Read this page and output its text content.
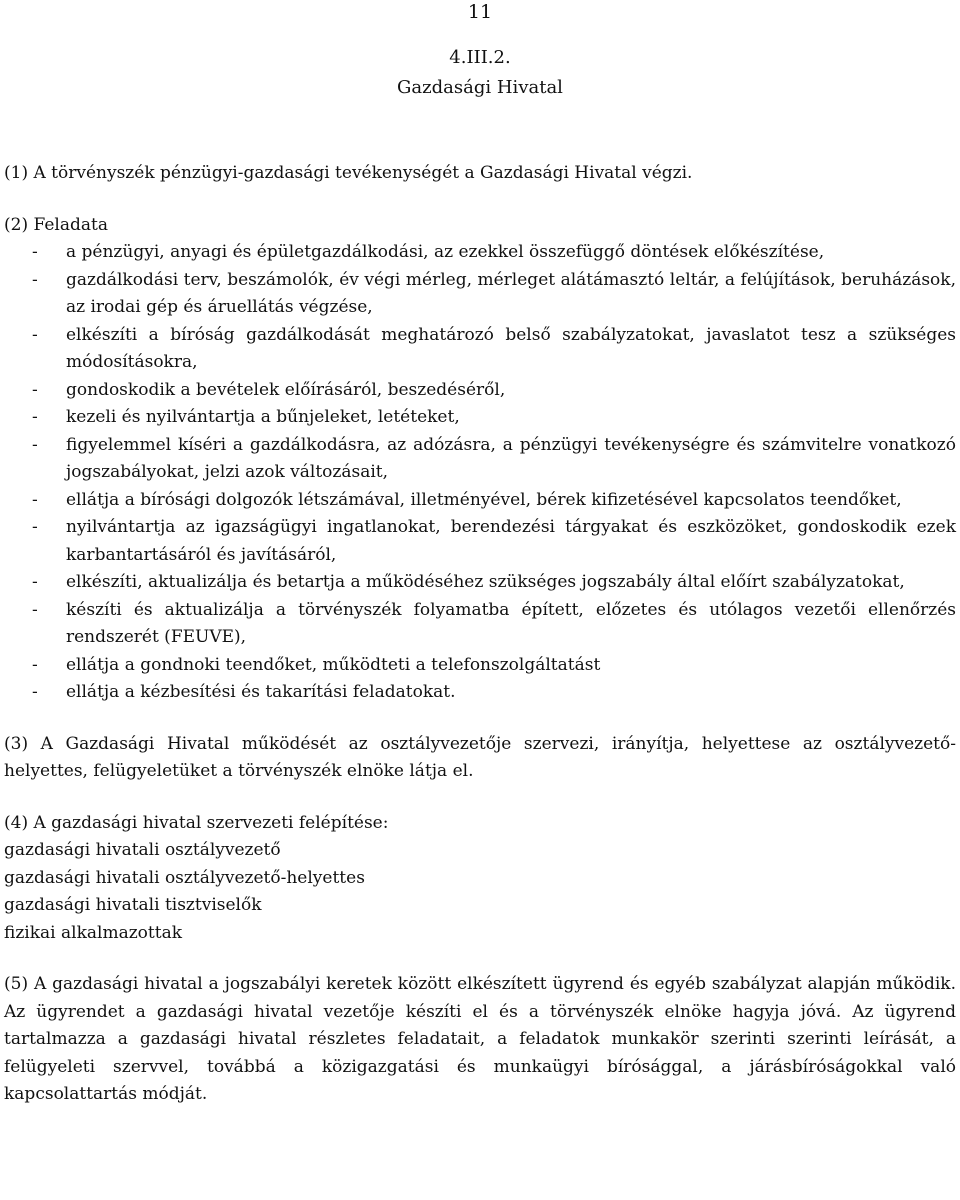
11
4.III.2.
Gazdasági Hivatal

(1) A törvényszék pénzügyi-gazdasági tevékenységét a Gazdasági Hivatal végzi.

(2) Feladata

-	a pénzügyi, anyagi és épületgazdálkodási, az ezekkel összefüggő döntések előkészítése,
-	gazdálkodási terv, beszámolók, év végi mérleg, mérleget alátámasztó leltár, a felújítások, beruházások, az irodai gép és áruellátás végzése,
-	elkészíti a bíróság gazdálkodását meghatározó belső szabályzatokat, javaslatot tesz a szükséges módosításokra,
-	gondoskodik a bevételek előírásáról, beszedéséről,
-	kezeli és nyilvántartja a bűnjeleket, letéteket,
-	figyelemmel kíséri a gazdálkodásra, az adózásra, a pénzügyi tevékenységre és számvitelre vonatkozó jogszabályokat, jelzi azok változásait,
-	ellátja a bírósági dolgozók létszámával, illetményével, bérek kifizetésével kapcsolatos teendőket,
-	nyilvántartja az igazságügyi ingatlanokat, berendezési tárgyakat és eszközöket, gondoskodik ezek karbantartásáról és javításáról,
-	elkészíti, aktualizálja és betartja a működéséhez szükséges jogszabály által előírt szabályzatokat,
-	készíti és aktualizálja a törvényszék folyamatba épített, előzetes és utólagos vezetői ellenőrzés rendszerét (FEUVE),
-	ellátja a gondnoki teendőket, működteti a telefonszolgáltatást
-	ellátja a kézbesítési és takarítási feladatokat.

(3) A Gazdasági Hivatal működését az osztályvezetője szervezi, irányítja, helyettese az osztályvezető-helyettes, felügyeletüket a törvényszék elnöke látja el.

(4) A gazdasági hivatal szervezeti felépítése:

gazdasági hivatali osztályvezető
gazdasági hivatali osztályvezető-helyettes
gazdasági hivatali tisztviselők
fizikai alkalmazottak

(5) A gazdasági hivatal a jogszabályi keretek között elkészített ügyrend és egyéb szabályzat alapján működik. Az ügyrendet a gazdasági hivatal vezetője készíti el és a törvényszék elnöke hagyja jóvá. Az ügyrend tartalmazza a gazdasági hivatal részletes feladatait, a feladatok munkakör szerinti szerinti leírását, a felügyeleti szervvel, továbbá a közigazgatási és munkaügyi bírósággal, a járásbíróságokkal való kapcsolattartás módját.
